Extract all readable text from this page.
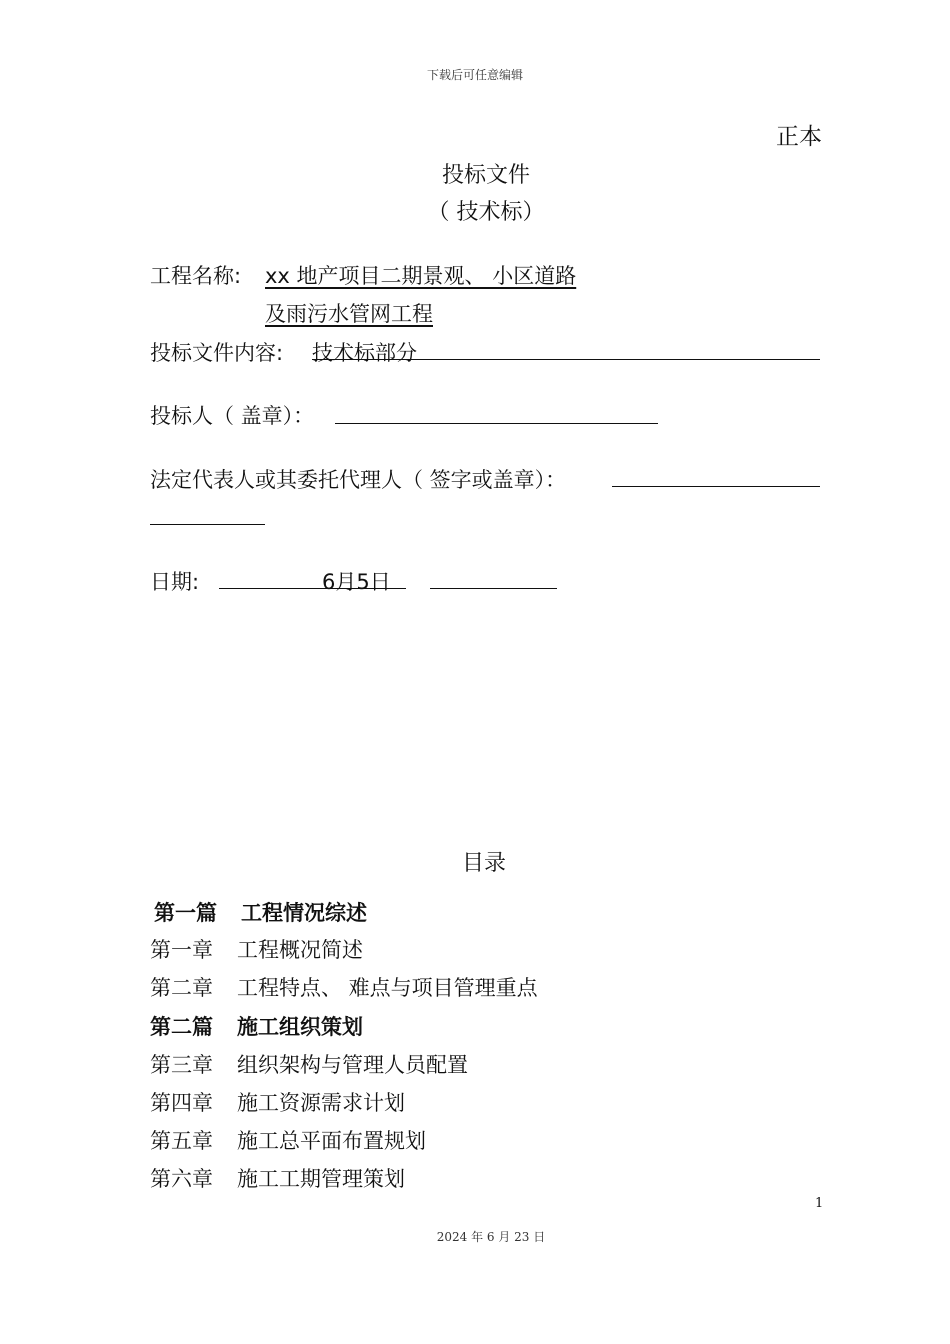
下载后可任意编辑
正本
投标文件
（ 技术标）
工程名称: xx 地产项目二期景观、 小区道路
及雨污水管网工程
投标文件内容: 技术标部分
投标人（ 盖章）：
法定代表人或其委托代理人（ 签字或盖章）：
日期:	6月5日
目录
第一篇 工程情况综述
第一章 工程概况简述
第二章 工程特点、 难点与项目管理重点
第二篇 施工组织策划
第三章 组织架构与管理人员配置
第四章 施工资源需求计划
第五章 施工总平面布置规划
第六章 施工工期管理策划
1
2024 年 6 月 23 日
